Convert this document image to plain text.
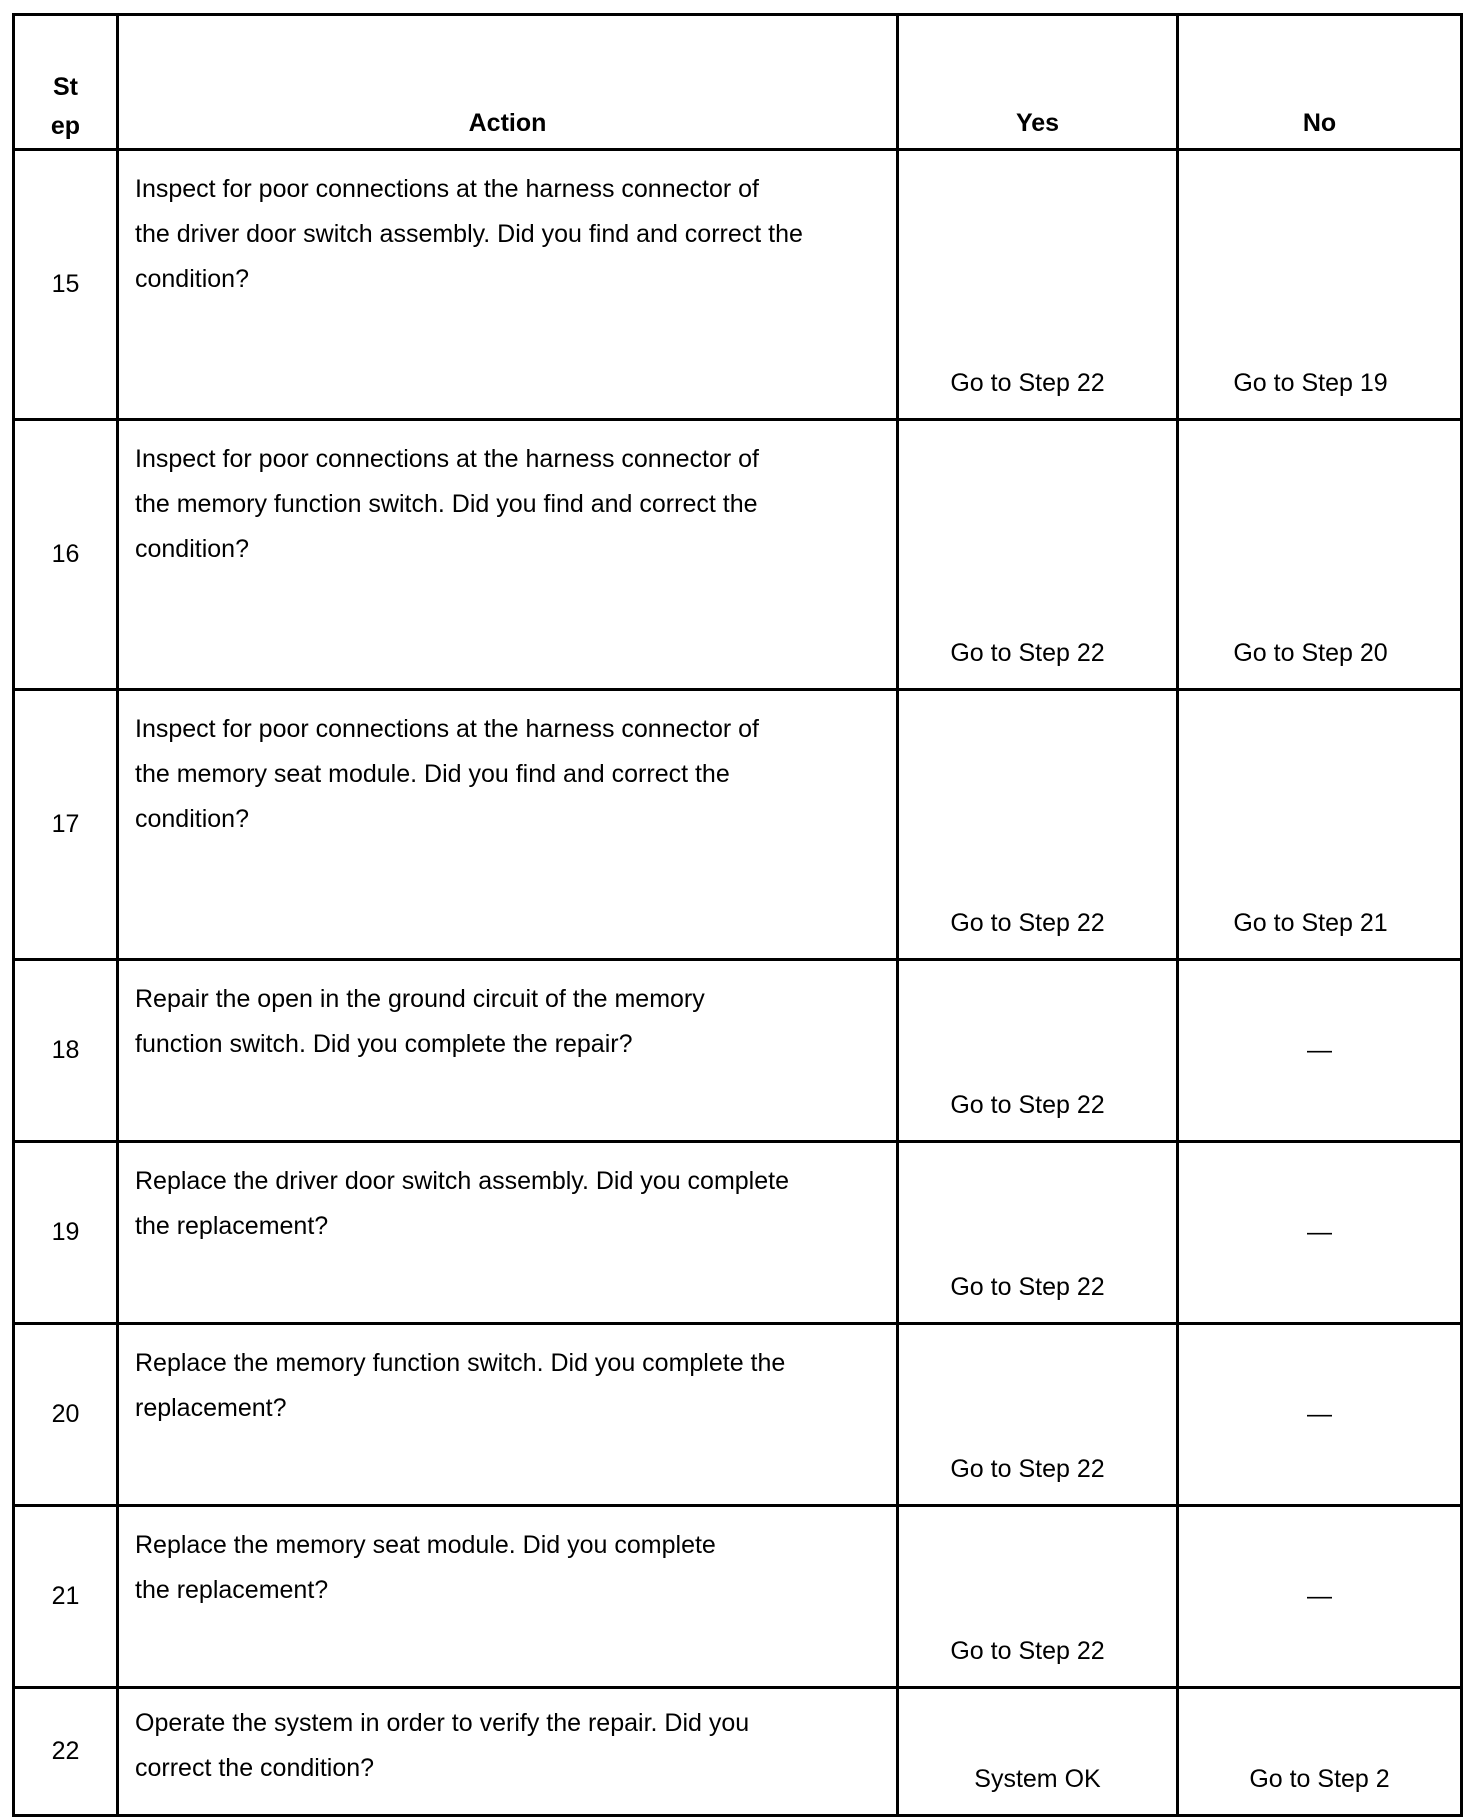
St
ep	Action	Yes	No
15	Inspect for poor connections at the harness connector of
the driver door switch assembly. Did you find and correct the
condition?	Go to Step 22	Go to Step 19
16	Inspect for poor connections at the harness connector of
the memory function switch. Did you find and correct the
condition?	Go to Step 22	Go to Step 20
17	Inspect for poor connections at the harness connector of
the memory seat module. Did you find and correct the
condition?	Go to Step 22	Go to Step 21
18	Repair the open in the ground circuit of the memory
function switch. Did you complete the repair?	Go to Step 22	—
19	Replace the driver door switch assembly. Did you complete
the replacement?	Go to Step 22	—
20	Replace the memory function switch. Did you complete the
replacement?	Go to Step 22	—
21	Replace the memory seat module. Did you complete
the replacement?	Go to Step 22	—
22	Operate the system in order to verify the repair. Did you
correct the condition?	System OK	Go to Step 2
